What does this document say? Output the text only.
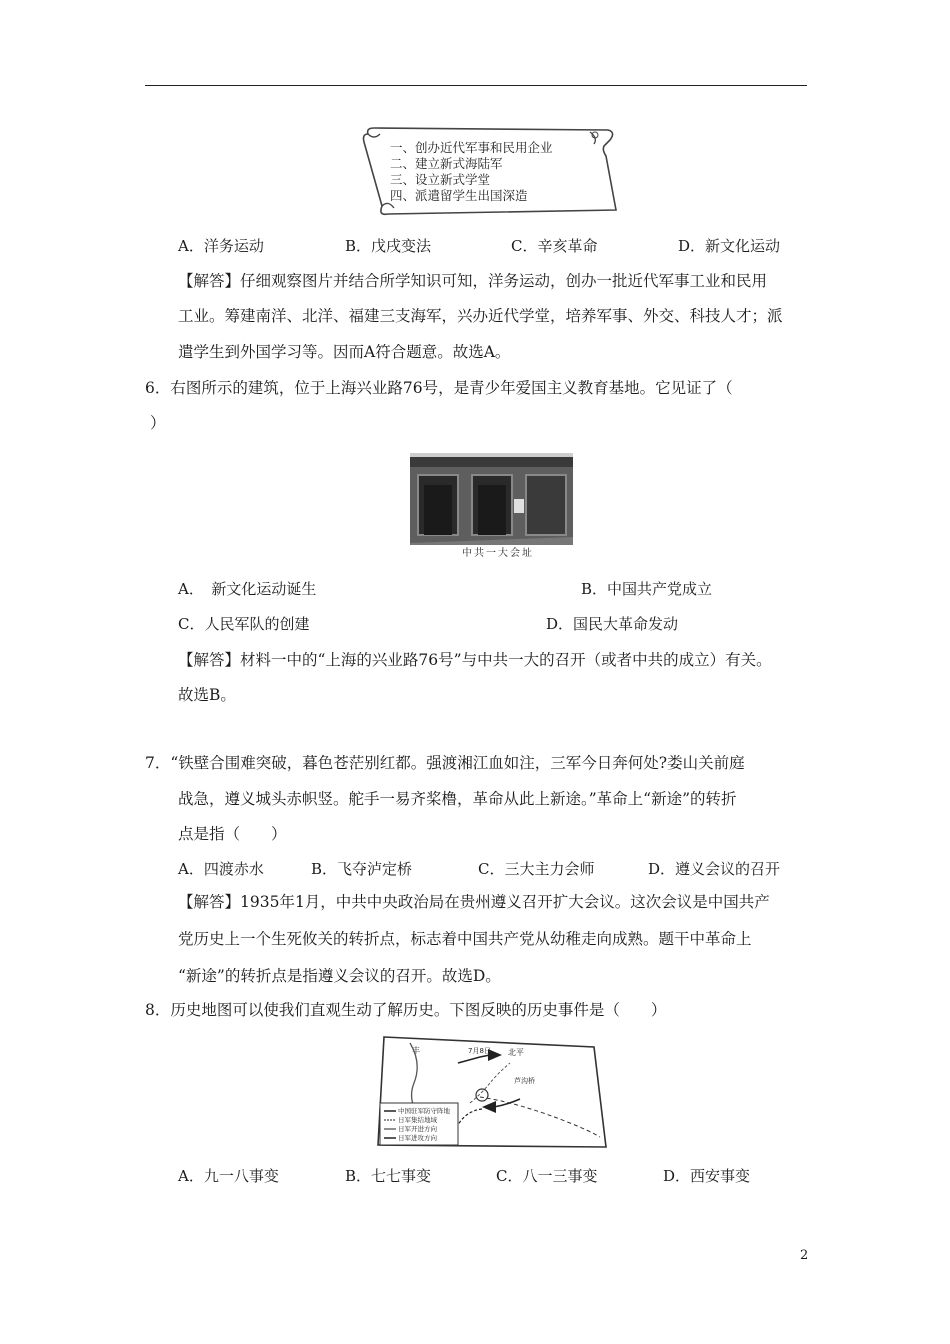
一、创办近代军事和民用企业
二、建立新式海陆军
三、设立新式学堂
四、派遣留学生出国深造
A．洋务运动	B．戊戌变法	C．辛亥革命	D．新文化运动
【解答】仔细观察图片并结合所学知识可知，洋务运动，创办一批近代军事工业和民用
工业。筹建南洋、北洋、福建三支海军，兴办近代学堂，培养军事、外交、科技人才；派
遣学生到外国学习等。因而A符合题意。故选A。
6．右图所示的建筑，位于上海兴业路76号，是青少年爱国主义教育基地。它见证了（
）
中共一大会址
A．　新文化运动诞生	B．中国共产党成立
C．人民军队的创建	D．国民大革命发动
【解答】材料一中的“上海的兴业路76号”与中共一大的召开（或者中共的成立）有关。
故选B。
7．“铁壁合围难突破，暮色苍茫别红都。强渡湘江血如注，三军今日奔何处?娄山关前庭
战急，遵义城头赤帜竖。舵手一易齐桨橹，革命从此上新途。”革命上“新途”的转折
点是指（　　）
A．四渡赤水	B．飞夺泸定桥	C．三大主力会师	D．遵义会议的召开
【解答】1935年1月，中共中央政治局在贵州遵义召开扩大会议。这次会议是中国共产
党历史上一个生死攸关的转折点，标志着中国共产党从幼稚走向成熟。题干中革命上
“新途”的转折点是指遵义会议的召开。故选D。
8．历史地图可以使我们直观生动了解历史。下图反映的历史事件是（　　）
丰	7月8日 北平
芦沟桥
中国驻军防守阵地
日军集结地域
日军开进方向
日军进攻方向
A．九一八事变	B．七七事变	C．八一三事变	D．西安事变
2
